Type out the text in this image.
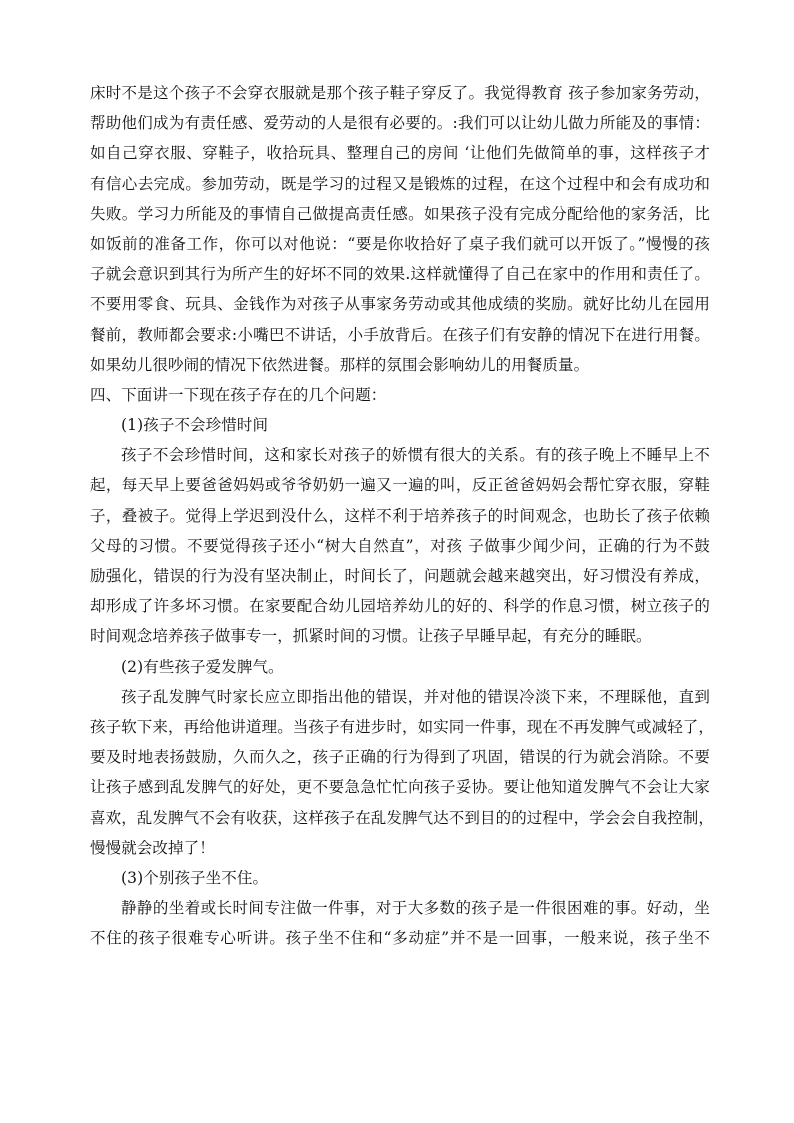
床时不是这个孩子不会穿衣服就是那个孩子鞋子穿反了。我觉得教育 孩子参加家务劳动，
帮助他们成为有责任感、爱劳动的人是很有必要的。:我们可以让幼儿做力所能及的事情：
如自己穿衣服、穿鞋子，收拾玩具、整理自己的房间 ‘让他们先做简单的事，这样孩子才
有信心去完成。参加劳动，既是学习的过程又是锻炼的过程，在这个过程中和会有成功和
失败。学习力所能及的事情自己做提高责任感。如果孩子没有完成分配给他的家务活，比
如饭前的准备工作，你可以对他说：“要是你收拾好了桌子我们就可以开饭了。”慢慢的孩
子就会意识到其行为所产生的好坏不同的效果.这样就懂得了自己在家中的作用和责任了。
不要用零食、玩具、金钱作为对孩子从事家务劳动或其他成绩的奖励。就好比幼儿在园用
餐前，教师都会要求:小嘴巴不讲话，小手放背后。在孩子们有安静的情况下在进行用餐。
如果幼儿很吵闹的情况下依然进餐。那样的氛围会影响幼儿的用餐质量。
四、下面讲一下现在孩子存在的几个问题：
(1)孩子不会珍惜时间
孩子不会珍惜时间，这和家长对孩子的娇惯有很大的关系。有的孩子晚上不睡早上不
起，每天早上要爸爸妈妈或爷爷奶奶一遍又一遍的叫，反正爸爸妈妈会帮忙穿衣服，穿鞋
子，叠被子。觉得上学迟到没什么，这样不利于培养孩子的时间观念，也助长了孩子依赖
父母的习惯。不要觉得孩子还小“树大自然直”，对孩 子做事少闻少问，正确的行为不鼓
励强化，错误的行为没有坚决制止，时间长了，问题就会越来越突出，好习惯没有养成，
却形成了许多坏习惯。在家要配合幼儿园培养幼儿的好的、科学的作息习惯，树立孩子的
时间观念培养孩子做事专一，抓紧时间的习惯。让孩子早睡早起，有充分的睡眠。
(2)有些孩子爱发脾气。
孩子乱发脾气时家长应立即指出他的错误，并对他的错误冷淡下来，不理睬他，直到
孩子软下来，再给他讲道理。当孩子有进步时，如实同一件事，现在不再发脾气或减轻了，
要及时地表扬鼓励，久而久之，孩子正确的行为得到了巩固，错误的行为就会消除。不要
让孩子感到乱发脾气的好处，更不要急急忙忙向孩子妥协。要让他知道发脾气不会让大家
喜欢，乱发脾气不会有收获，这样孩子在乱发脾气达不到目的的过程中，学会会自我控制，
慢慢就会改掉了！
(3)个别孩子坐不住。
静静的坐着或长时间专注做一件事，对于大多数的孩子是一件很困难的事。好动，坐
不住的孩子很难专心听讲。孩子坐不住和“多动症”并不是一回事，一般来说，孩子坐不
